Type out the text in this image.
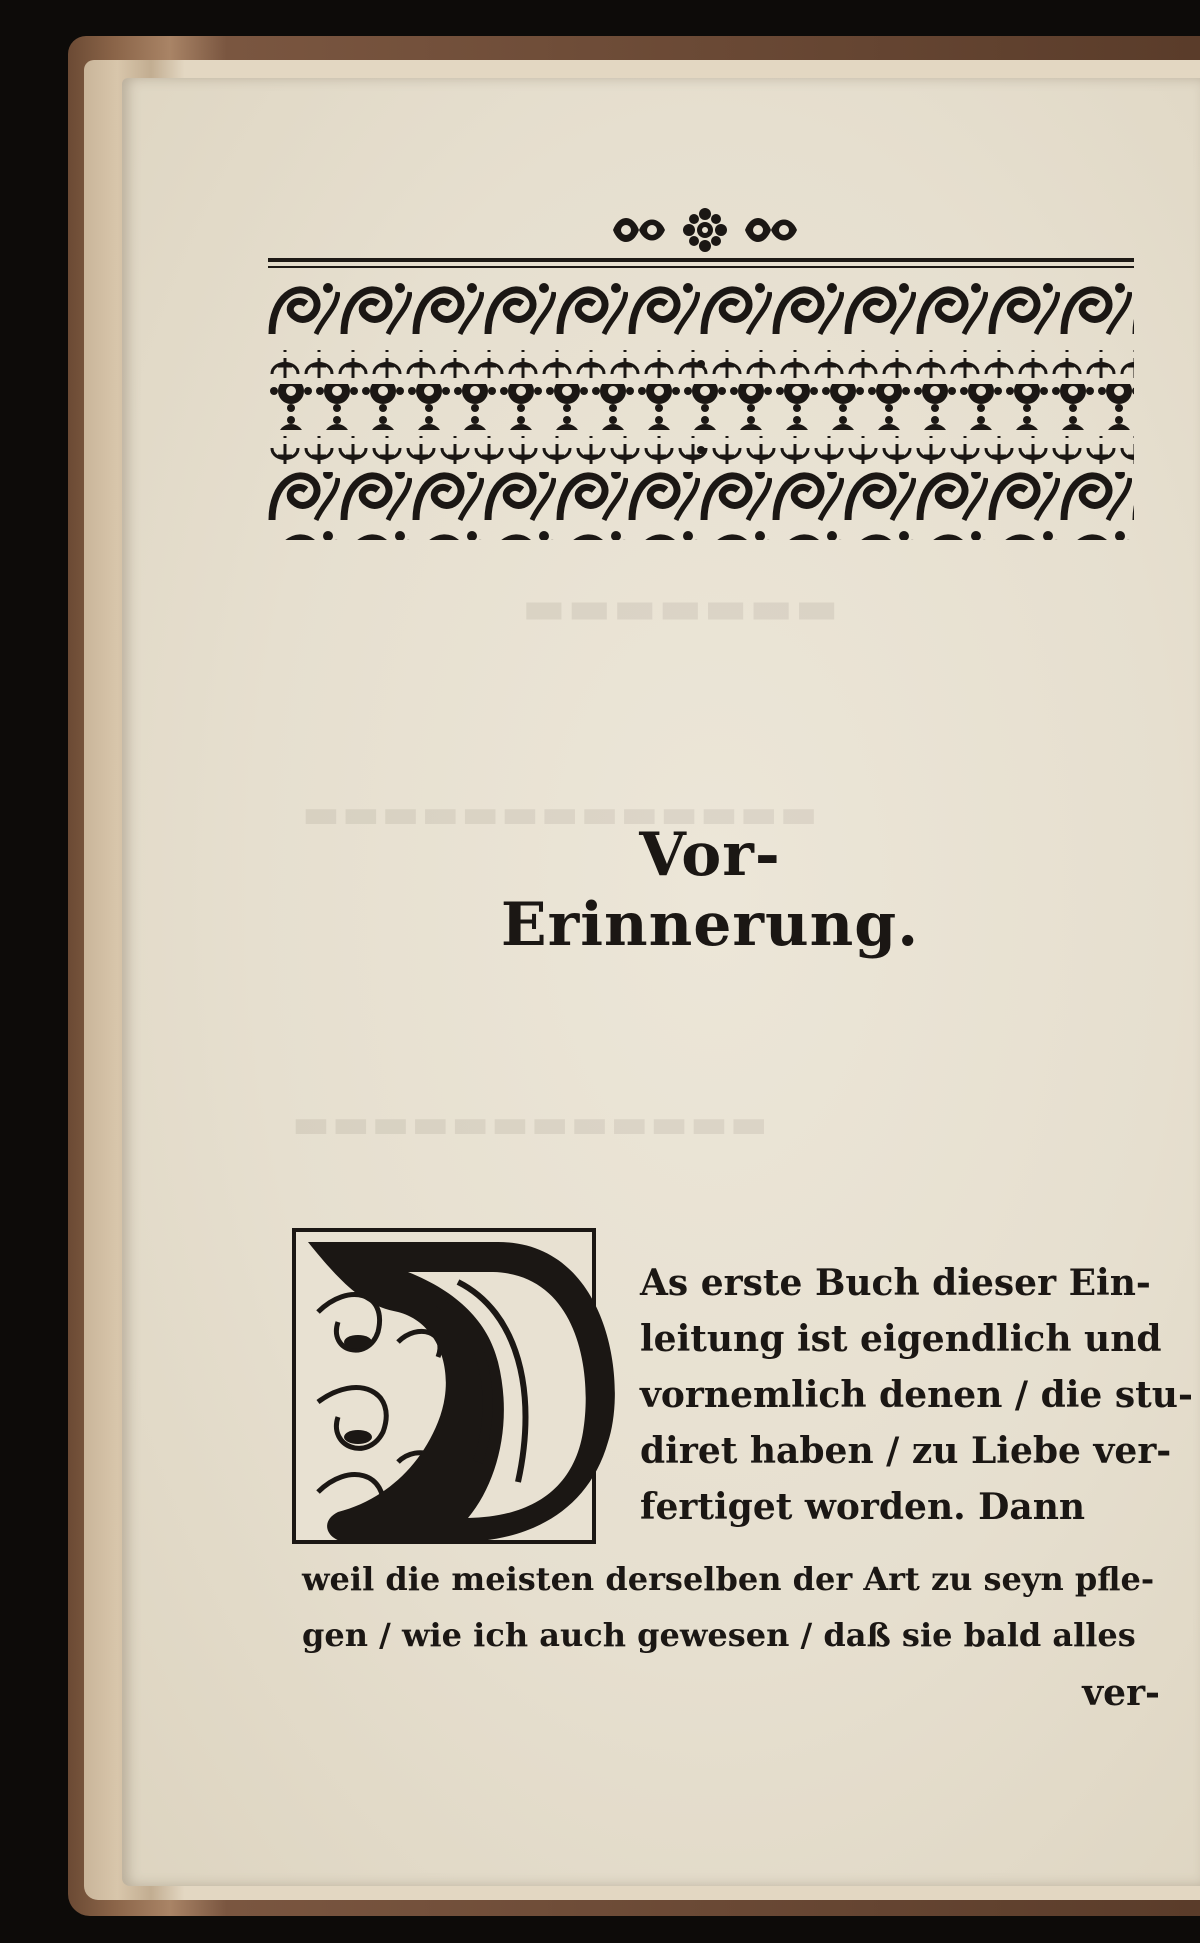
▬▬▬▬▬▬▬
▬▬▬▬▬▬▬▬▬▬▬▬▬
▬▬▬▬▬▬▬▬▬▬▬▬
Vor-Erinnerung.
As erste Buch dieser Ein-
leitung ist eigendlich und
vornemlich denen / die stu-
diret haben / zu Liebe ver-
fertiget worden. Dann
weil die meisten derselben der Art zu seyn pfle-
gen / wie ich auch gewesen / daß sie bald alles
ver-
